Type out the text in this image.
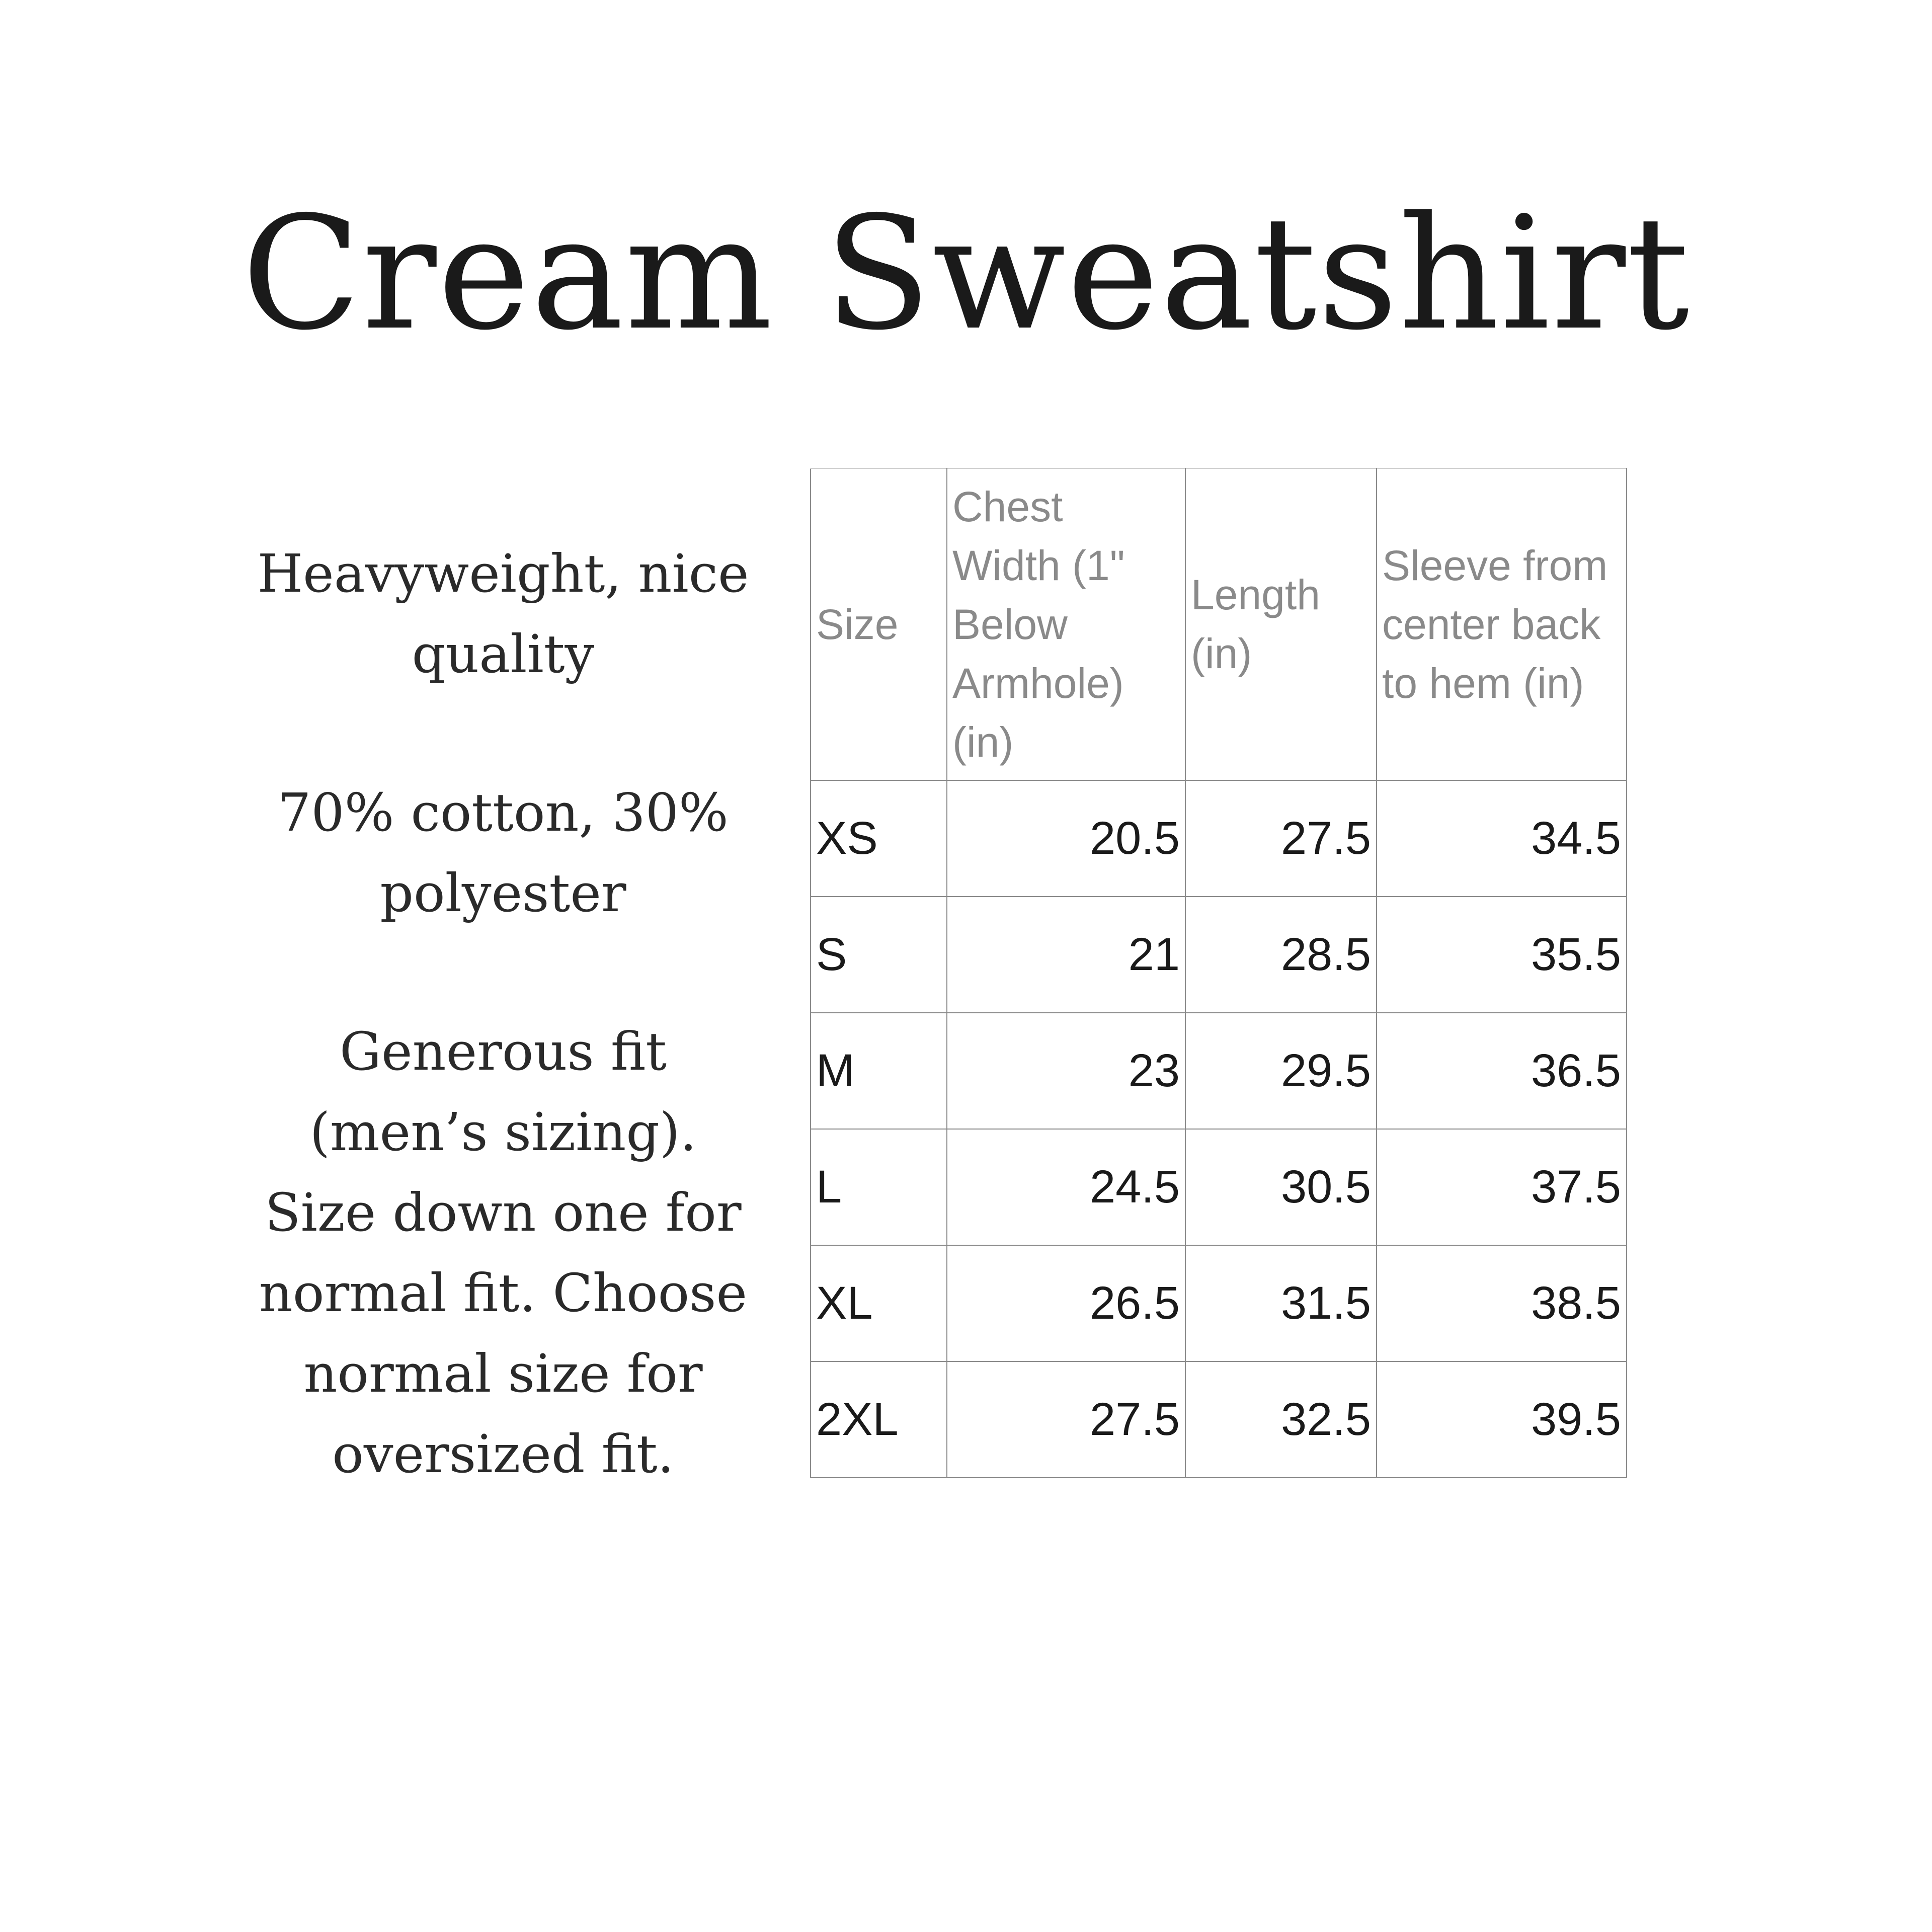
Cream Sweatshirt

Heavyweight, nice quality

70% cotton, 30% polyester

Generous fit (men’s sizing). Size down one for normal fit. Choose normal size for oversized fit.

Size	Chest Width (1" Below Armhole) (in)	Length (in)	Sleeve from center back to hem (in)
XS	20.5	27.5	34.5
S	21	28.5	35.5
M	23	29.5	36.5
L	24.5	30.5	37.5
XL	26.5	31.5	38.5
2XL	27.5	32.5	39.5
